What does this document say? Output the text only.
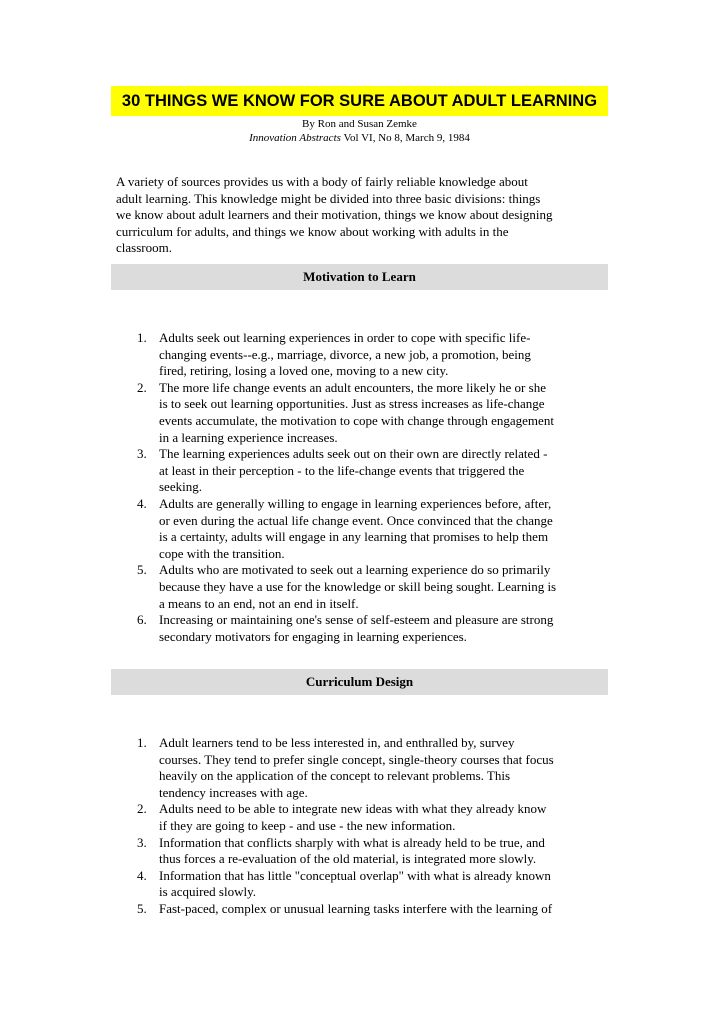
30 THINGS WE KNOW FOR SURE ABOUT ADULT LEARNING
By Ron and Susan Zemke
Innovation Abstracts Vol VI, No 8, March 9, 1984
A variety of sources provides us with a body of fairly reliable knowledge about
adult learning. This knowledge might be divided into three basic divisions: things
we know about adult learners and their motivation, things we know about designing
curriculum for adults, and things we know about working with adults in the
classroom.
Motivation to Learn
1. Adults seek out learning experiences in order to cope with specific life-
changing events--e.g., marriage, divorce, a new job, a promotion, being
fired, retiring, losing a loved one, moving to a new city.
2. The more life change events an adult encounters, the more likely he or she
is to seek out learning opportunities. Just as stress increases as life-change
events accumulate, the motivation to cope with change through engagement
in a learning experience increases.
3. The learning experiences adults seek out on their own are directly related -
at least in their perception - to the life-change events that triggered the
seeking.
4. Adults are generally willing to engage in learning experiences before, after,
or even during the actual life change event. Once convinced that the change
is a certainty, adults will engage in any learning that promises to help them
cope with the transition.
5. Adults who are motivated to seek out a learning experience do so primarily
because they have a use for the knowledge or skill being sought. Learning is
a means to an end, not an end in itself.
6. Increasing or maintaining one's sense of self-esteem and pleasure are strong
secondary motivators for engaging in learning experiences.
Curriculum Design
1. Adult learners tend to be less interested in, and enthralled by, survey
courses. They tend to prefer single concept, single-theory courses that focus
heavily on the application of the concept to relevant problems. This
tendency increases with age.
2. Adults need to be able to integrate new ideas with what they already know
if they are going to keep - and use - the new information.
3. Information that conflicts sharply with what is already held to be true, and
thus forces a re-evaluation of the old material, is integrated more slowly.
4. Information that has little "conceptual overlap" with what is already known
is acquired slowly.
5. Fast-paced, complex or unusual learning tasks interfere with the learning of
